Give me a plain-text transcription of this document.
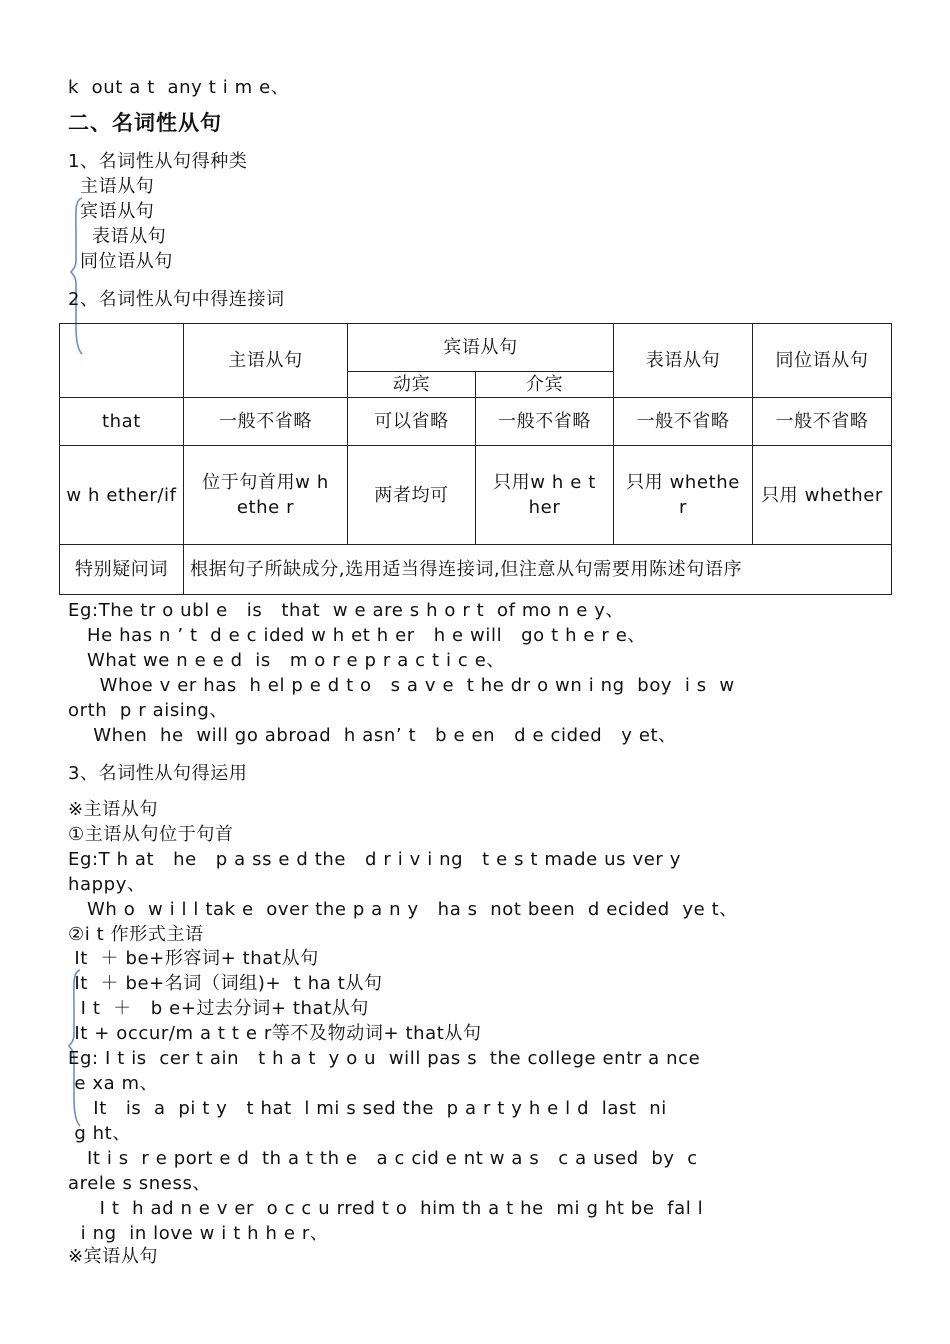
k  out a t  any t i m e、
二、名词性从句
1、名词性从句得种类
主语从句
宾语从句
表语从句
同位语从句
2、名词性从句中得连接词
	主语从句	宾语从句		表语从句	同位语从句
		动宾	介宾		
that	一般不省略	可以省略	一般不省略	一般不省略	一般不省略
w h ether/if	位于句首用w h ethe r	两者均可	只用w h e t her	只用 whethe r	只用 whether
特别疑问词	根据句子所缺成分,选用适当得连接词,但注意从句需要用陈述句语序				
Eg:The tr o ubl e   is   that  w e are s h o r t  of mo n e y、
He has n ’ t  d e c ided w h et h er   h e will   go t h e r e、
What we n e e d  is   m o r e p r a c t i c e、
Whoe v er has  h el p e d t o   s a v e  t he dr o wn i ng  boy  i s  w
orth  p r aising、
When  he  will go abroad  h asn’ t   b e en   d e cided   y et、
3、名词性从句得运用
※主语从句
①主语从句位于句首
Eg:T h at   he   p a ss e d the   d r i v i ng   t e s t made us ver y
happy、
Wh o  w i l l tak e  over the p a n y   ha s  not been  d ecided  ye t、
②i t 作形式主语
It  ＋ be+形容词+ that从句
It  ＋ be+名词（词组)+  t ha t从句
I t  ＋   b e+过去分词+ that从句
It + occur/m a t t e r等不及物动词+ that从句
Eg: I t is  cer t ain   t h a t  y o u  will pas s  the college entr a nce
e xa m、
It   is  a  pi t y   t hat  l mi s sed the  p a r t y h e l d  last  ni
g ht、
It i s  r e port e d  th a t th e   a c cid e nt w a s   c a used  by  c
arele s sness、
I t  h ad n e v er  o c c u rred t o  him th a t he  mi g ht be  fal l
i ng  in love w i t h h e r、
※宾语从句
